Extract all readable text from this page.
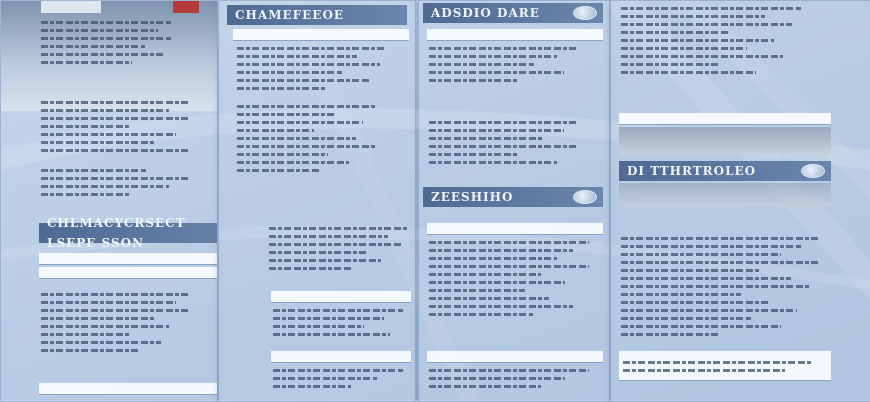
CHLMACYCRSECT LSEPE SSON
CHAMEFEEOE	ADSDIO DARE
ZEESHIHO
DI TTHRTROLEO
